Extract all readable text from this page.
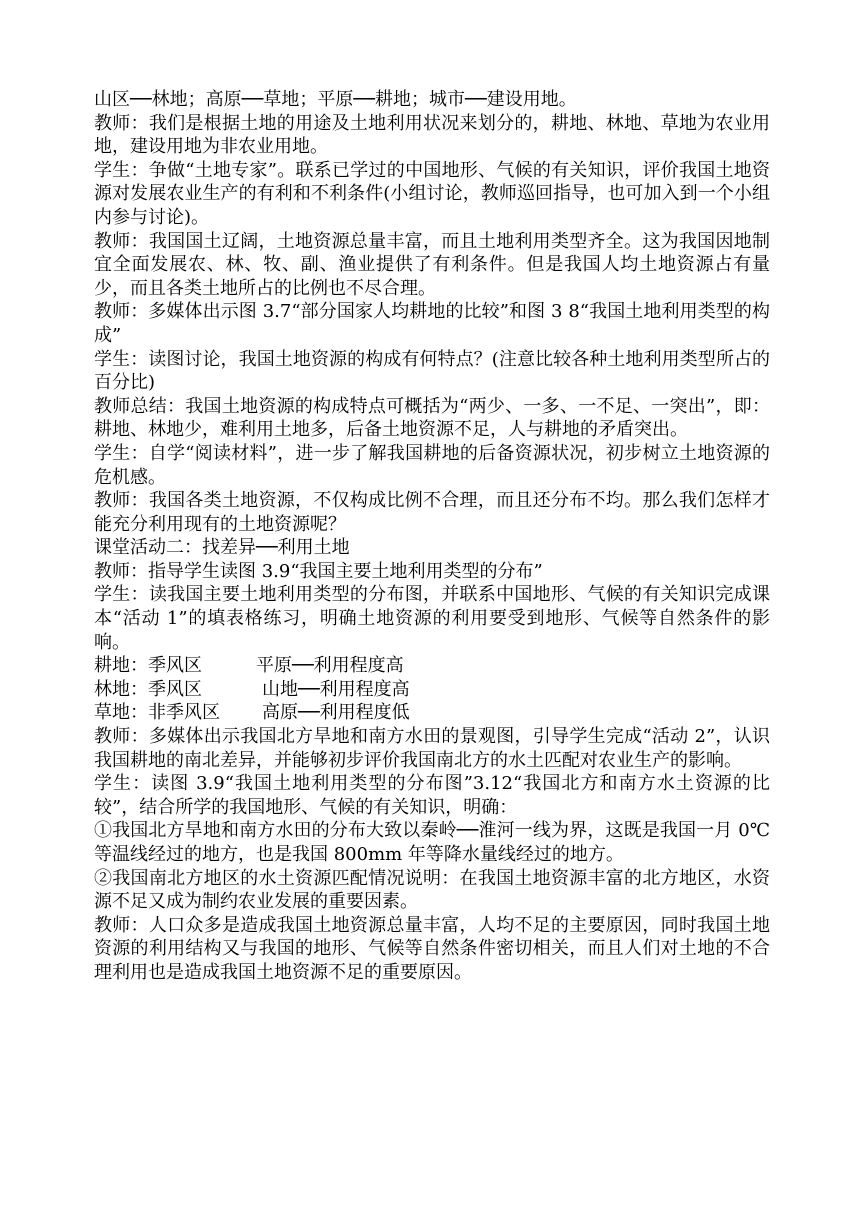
山区──林地；高原──草地；平原──耕地；城市──建设用地。

教师：我们是根据土地的用途及土地利用状况来划分的，耕地、林地、草地为农业用地，建设用地为非农业用地。

学生：争做“土地专家”。联系已学过的中国地形、气候的有关知识，评价我国土地资源对发展农业生产的有利和不利条件(小组讨论，教师巡回指导，也可加入到一个小组内参与讨论)。

教师：我国国土辽阔，土地资源总量丰富，而且土地利用类型齐全。这为我国因地制宜全面发展农、林、牧、副、渔业提供了有利条件。但是我国人均土地资源占有量少，而且各类土地所占的比例也不尽合理。

教师：多媒体出示图 3.7“部分国家人均耕地的比较”和图 3 8“我国土地利用类型的构成”

学生：读图讨论，我国土地资源的构成有何特点？(注意比较各种土地利用类型所占的百分比)

教师总结：我国土地资源的构成特点可概括为“两少、一多、一不足、一突出”，即：耕地、林地少，难利用土地多，后备土地资源不足，人与耕地的矛盾突出。

学生：自学“阅读材料”，进一步了解我国耕地的后备资源状况，初步树立土地资源的危机感。

教师：我国各类土地资源，不仅构成比例不合理，而且还分布不均。那么我们怎样才能充分利用现有的土地资源呢？

课堂活动二：找差异──利用土地

教师：指导学生读图 3.9“我国主要土地利用类型的分布”

学生：读我国主要土地利用类型的分布图，并联系中国地形、气候的有关知识完成课本“活动 1”的填表格练习，明确土地资源的利用要受到地形、气候等自然条件的影响。

耕地：季风区	平原──利用程度高
林地：季风区	山地──利用程度高
草地：非季风区 高原──利用程度低

教师：多媒体出示我国北方旱地和南方水田的景观图，引导学生完成“活动 2”，认识我国耕地的南北差异，并能够初步评价我国南北方的水土匹配对农业生产的影响。

学生：读图 3.9“我国土地利用类型的分布图”3.12“我国北方和南方水土资源的比较”，结合所学的我国地形、气候的有关知识，明确：

①我国北方旱地和南方水田的分布大致以秦岭──淮河一线为界，这既是我国一月 0℃等温线经过的地方，也是我国 800mm 年等降水量线经过的地方。

②我国南北方地区的水土资源匹配情况说明：在我国土地资源丰富的北方地区，水资源不足又成为制约农业发展的重要因素。

教师：人口众多是造成我国土地资源总量丰富，人均不足的主要原因，同时我国土地资源的利用结构又与我国的地形、气候等自然条件密切相关，而且人们对土地的不合理利用也是造成我国土地资源不足的重要原因。
